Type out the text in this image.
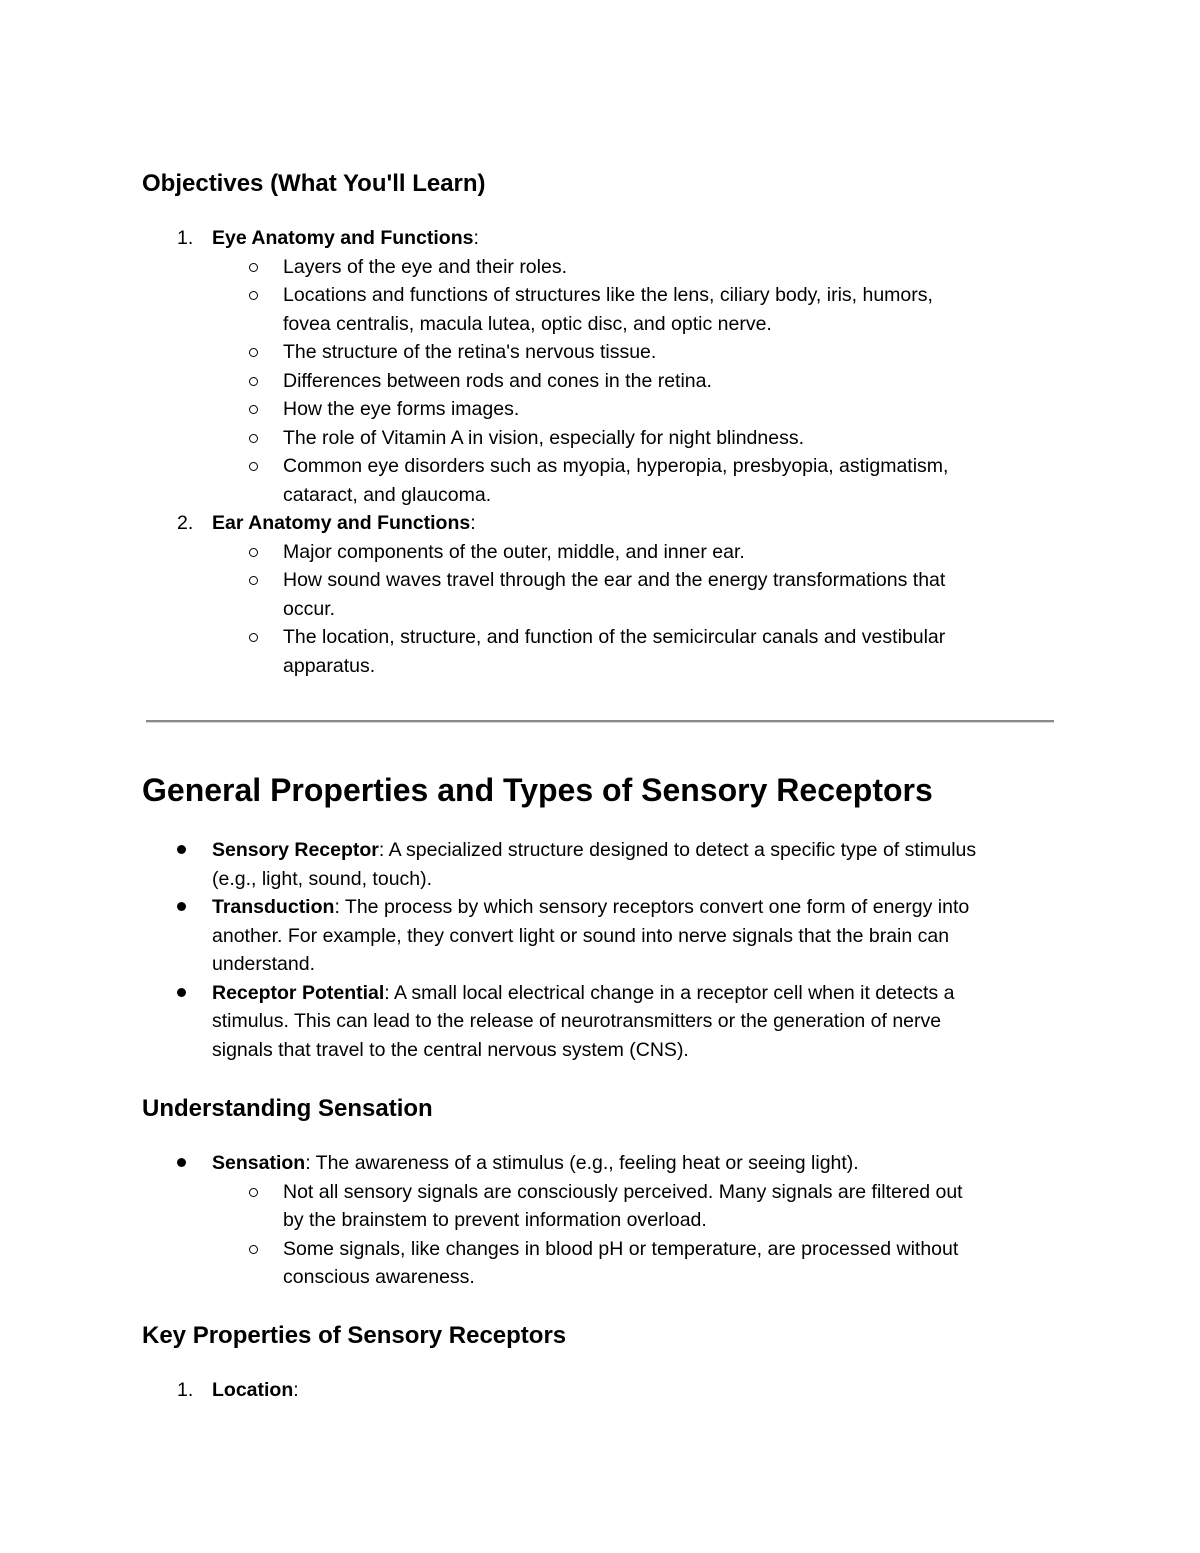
Objectives (What You'll Learn)
1. Eye Anatomy and Functions:
Layers of the eye and their roles.
Locations and functions of structures like the lens, ciliary body, iris, humors,
fovea centralis, macula lutea, optic disc, and optic nerve.
The structure of the retina's nervous tissue.
Differences between rods and cones in the retina.
How the eye forms images.
The role of Vitamin A in vision, especially for night blindness.
Common eye disorders such as myopia, hyperopia, presbyopia, astigmatism,
cataract, and glaucoma.
2. Ear Anatomy and Functions:
Major components of the outer, middle, and inner ear.
How sound waves travel through the ear and the energy transformations that
occur.
The location, structure, and function of the semicircular canals and vestibular
apparatus.
General Properties and Types of Sensory Receptors
Sensory Receptor: A specialized structure designed to detect a specific type of stimulus
(e.g., light, sound, touch).
Transduction: The process by which sensory receptors convert one form of energy into
another. For example, they convert light or sound into nerve signals that the brain can
understand.
Receptor Potential: A small local electrical change in a receptor cell when it detects a
stimulus. This can lead to the release of neurotransmitters or the generation of nerve
signals that travel to the central nervous system (CNS).
Understanding Sensation
Sensation: The awareness of a stimulus (e.g., feeling heat or seeing light).
Not all sensory signals are consciously perceived. Many signals are filtered out
by the brainstem to prevent information overload.
Some signals, like changes in blood pH or temperature, are processed without
conscious awareness.
Key Properties of Sensory Receptors
1. Location:
